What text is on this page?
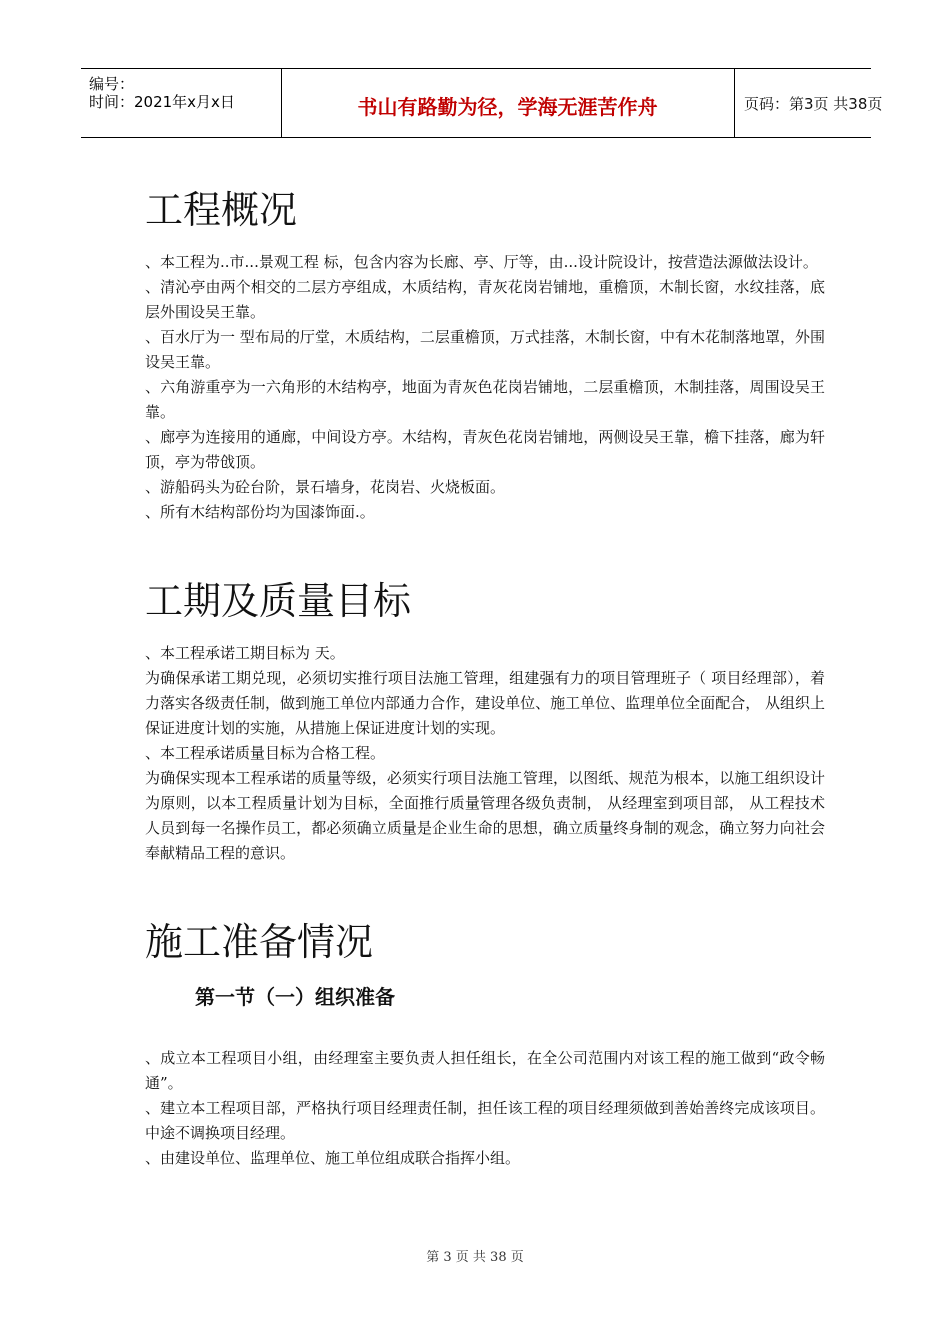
编号：
时间：2021年x月x日	书山有路勤为径，学海无涯苦作舟	页码：第3页 共38页
工程概况

、本工程为..市...景观工程 标，包含内容为长廊、亭、厅等，由...设计院设计，按营造法源做法设计。

、清沁亭由两个相交的二层方亭组成，木质结构，青灰花岗岩铺地，重檐顶，木制长窗，水纹挂落，底层外围设吴王靠。

、百水厅为一 型布局的厅堂，木质结构，二层重檐顶，万式挂落，木制长窗，中有木花制落地罩，外围设吴王靠。

、六角游重亭为一六角形的木结构亭，地面为青灰色花岗岩铺地，二层重檐顶，木制挂落，周围设吴王靠。

、廊亭为连接用的通廊，中间设方亭。木结构，青灰色花岗岩铺地，两侧设吴王靠，檐下挂落，廊为轩顶，亭为带戗顶。

、游船码头为砼台阶，景石墙身，花岗岩、火烧板面。

、所有木结构部份均为国漆饰面.。

工期及质量目标

、本工程承诺工期目标为 天。

为确保承诺工期兑现，必须切实推行项目法施工管理，组建强有力的项目管理班子（ 项目经理部），着力落实各级责任制，做到施工单位内部通力合作，建设单位、施工单位、监理单位全面配合， 从组织上保证进度计划的实施，从措施上保证进度计划的实现。

、本工程承诺质量目标为合格工程。

为确保实现本工程承诺的质量等级，必须实行项目法施工管理，以图纸、规范为根本，以施工组织设计为原则，以本工程质量计划为目标，全面推行质量管理各级负责制， 从经理室到项目部， 从工程技术人员到每一名操作员工，都必须确立质量是企业生命的思想，确立质量终身制的观念，确立努力向社会奉献精品工程的意识。

施工准备情况
第一节（一）组织准备

、成立本工程项目小组，由经理室主要负责人担任组长，在全公司范围内对该工程的施工做到“政令畅通”。

、建立本工程项目部，严格执行项目经理责任制，担任该工程的项目经理须做到善始善终完成该项目。中途不调换项目经理。

、由建设单位、监理单位、施工单位组成联合指挥小组。

第 3 页 共 38 页
